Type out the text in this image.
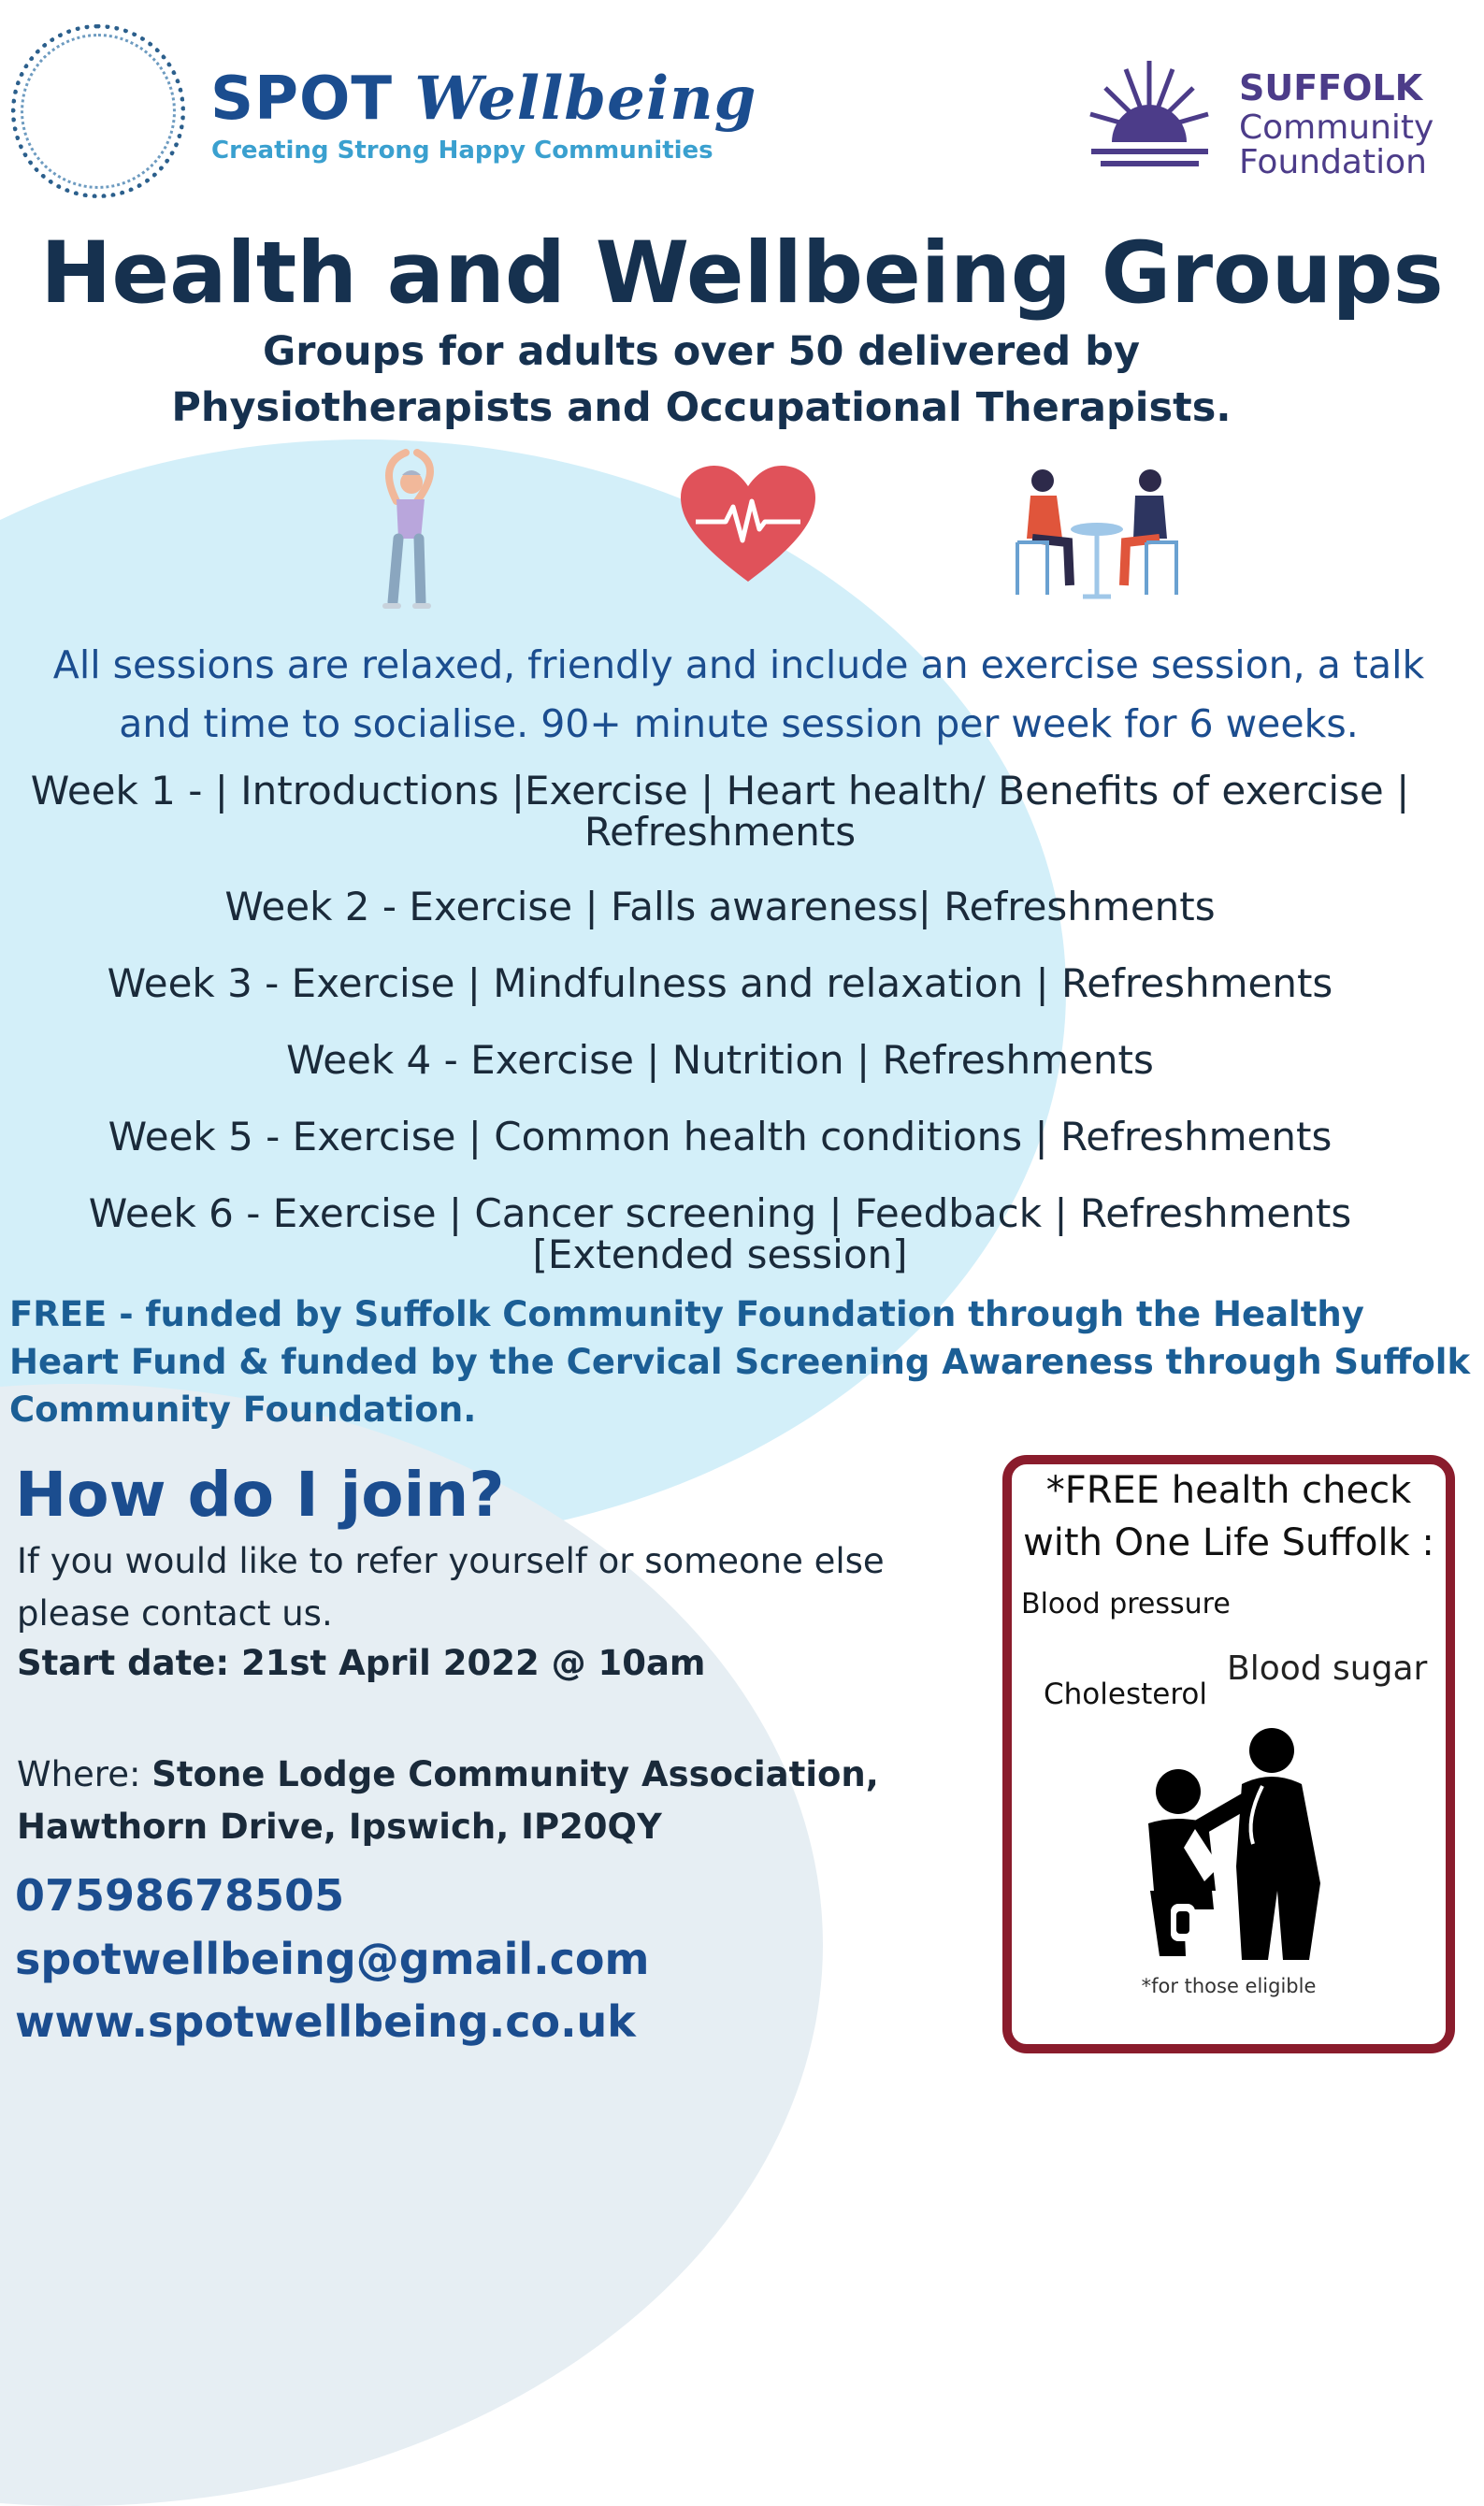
SPOT Wellbeing
Creating Strong Happy Communities
SUFFOLK
Community
Foundation
Health and Wellbeing Groups
Groups for adults over 50 delivered by
Physiotherapists and Occupational Therapists.
All sessions are relaxed, friendly and include an exercise session, a talk
and time to socialise. 90+ minute session per week for 6 weeks.
Week 1 - | Introductions |Exercise | Heart health/ Benefits of exercise | Refreshments
Week 2 - Exercise | Falls awareness| Refreshments
Week 3 - Exercise | Mindfulness and relaxation | Refreshments
Week 4 - Exercise | Nutrition | Refreshments
Week 5 - Exercise | Common health conditions | Refreshments
Week 6 - Exercise | Cancer screening | Feedback | Refreshments [Extended session]
FREE - funded by Suffolk Community Foundation through the Healthy Heart Fund & funded by the Cervical Screening Awareness through Suffolk Community Foundation.
How do I join?
If you would like to refer yourself or someone else please contact us.
Start date: 21st April 2022 @ 10am
Where: Stone Lodge Community Association, Hawthorn Drive, Ipswich, IP20QY
07598678505
spotwellbeing@gmail.com
www.spotwellbeing.co.uk
*FREE health check with One Life Suffolk :
Blood pressure
Blood sugar
Cholesterol
*for those eligible
